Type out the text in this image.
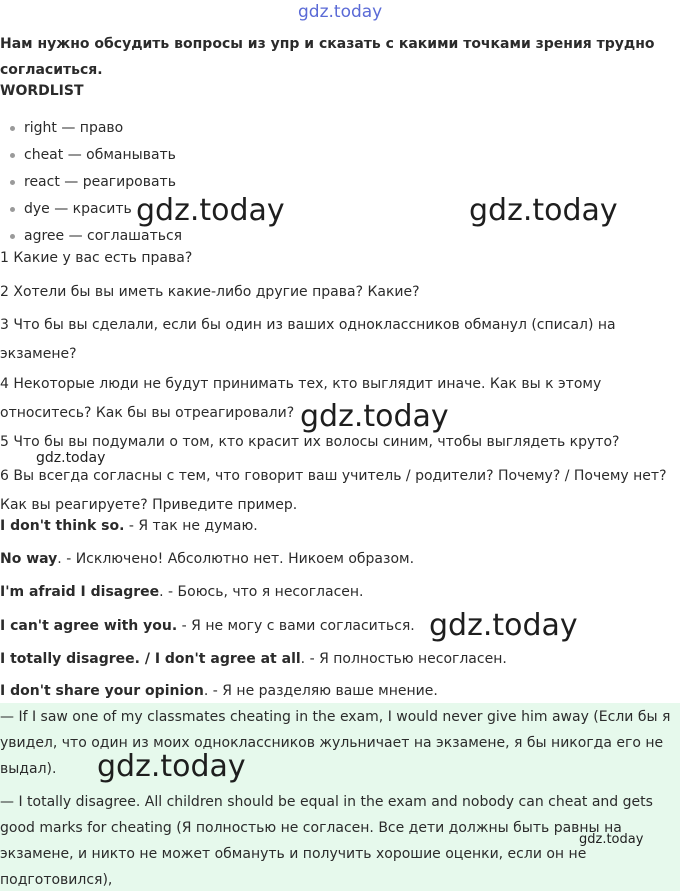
gdz.today
Нам нужно обсудить вопросы из упр и сказать с какими точками зрения трудно согласиться.
WORDLIST
right — право
cheat — обманывать
react — реагировать
dye — красить
agree — соглашаться
1 Какие у вас есть права?
2 Хотели бы вы иметь какие-либо другие права? Какие?
3 Что бы вы сделали, если бы один из ваших одноклассников обманул (списал) на экзамене?
4 Некоторые люди не будут принимать тех, кто выглядит иначе. Как вы к этому относитесь? Как бы вы отреагировали?
5 Что бы вы подумали о том, кто красит их волосы синим, чтобы выглядеть круто?
6 Вы всегда согласны с тем, что говорит ваш учитель / родители? Почему? / Почему нет? Как вы реагируете? Приведите пример.
I don't think so. - Я так не думаю.
No way. - Исключено! Абсолютно нет. Никоем образом.
I'm afraid I disagree. - Боюсь, что я несогласен.
I can't agree with you. - Я не могу с вами согласиться.
I totally disagree. / I don't agree at all. - Я полностью несогласен.
I don't share your opinion. - Я не разделяю ваше мнение.
— If I saw one of my classmates cheating in the exam, I would never give him away (Если бы я увидел, что один из моих одноклассников жульничает на экзамене, я бы никогда его не выдал).
— I totally disagree. All children should be equal in the exam and nobody can cheat and gets good marks for cheating (Я полностью не согласен. Все дети должны быть равны на экзамене, и никто не может обмануть и получить хорошие оценки, если он не подготовился),
gdz.today	gdz.today
gdz.today
gdz.today
gdz.today
gdz.today
gdz.today
